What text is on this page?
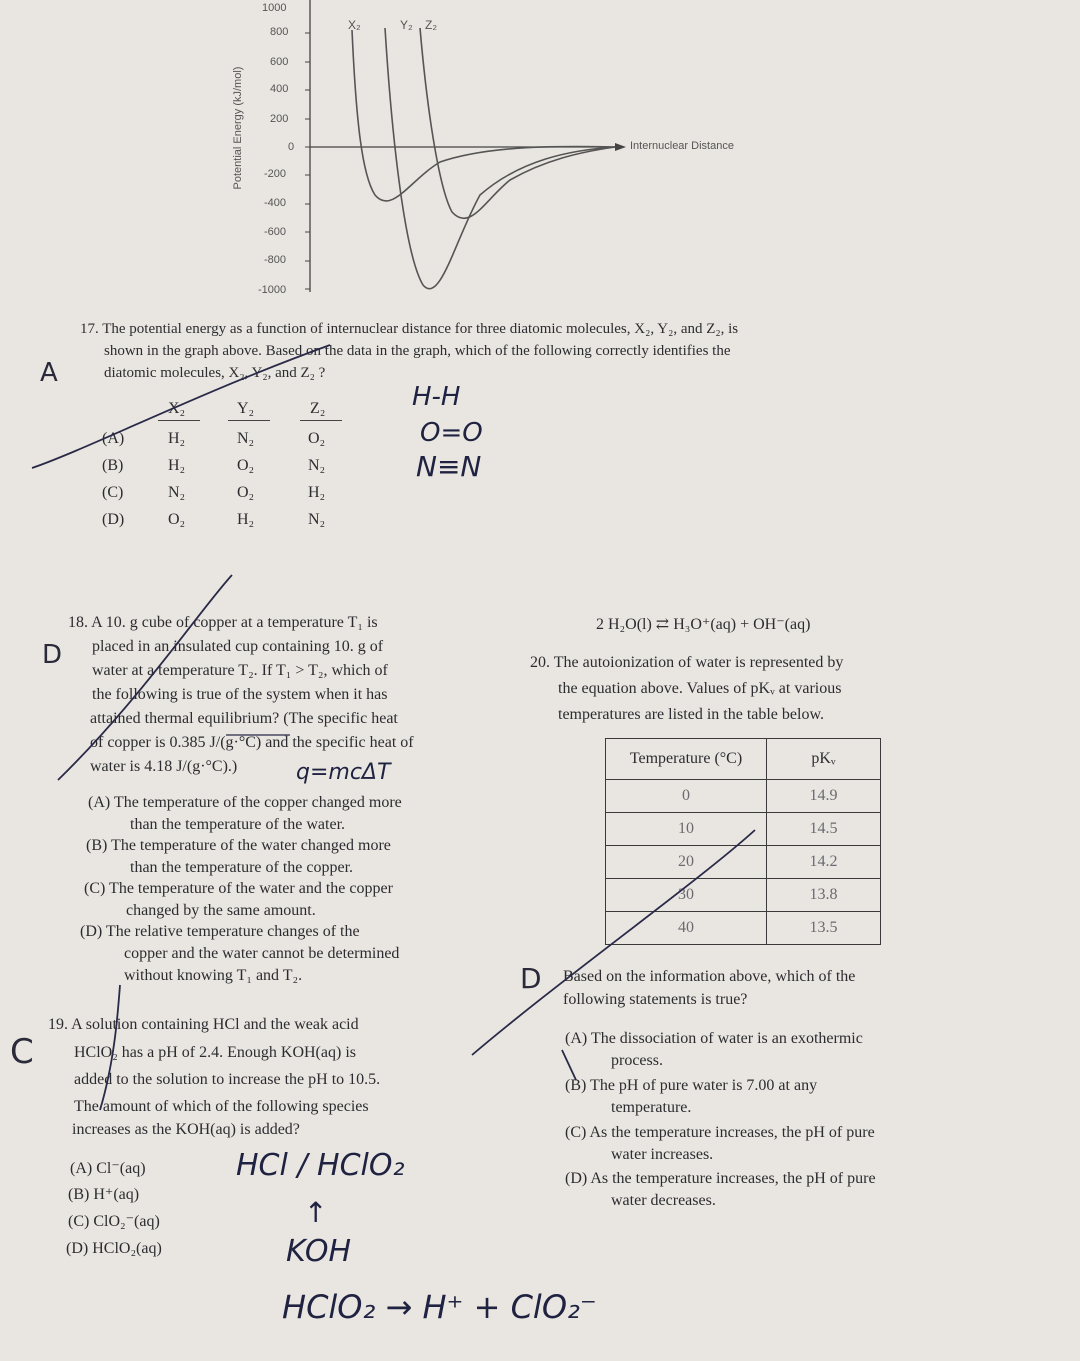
Potential Energy (kJ/mol)
1000
800
600
400
200
0
-200
-400
-600
-800
-1000
X₂	Y₂ Z₂
Internuclear Distance
17. The potential energy as a function of internuclear distance for three diatomic molecules, X₂, Y₂, and Z₂, is
shown in the graph above. Based on the data in the graph, which of the following correctly identifies the
diatomic molecules, X₂, Y₂, and Z₂ ?
X₂	Y₂	Z₂
(A)	H₂	N₂	O₂
(B)	H₂	O₂	N₂
(C)	N₂	O₂	H₂
(D)	O₂	H₂	N₂
18. A 10. g cube of copper at a temperature T₁ is
placed in an insulated cup containing 10. g of
water at a temperature T₂. If T₁ > T₂, which of
the following is true of the system when it has
attained thermal equilibrium? (The specific heat
of copper is 0.385 J/(g·°C) and the specific heat of
water is 4.18 J/(g·°C).)
(A) The temperature of the copper changed more
than the temperature of the water.
(B) The temperature of the water changed more
than the temperature of the copper.
(C) The temperature of the water and the copper
changed by the same amount.
(D) The relative temperature changes of the
copper and the water cannot be determined
without knowing T₁ and T₂.
19. A solution containing HCl and the weak acid
HClO₂ has a pH of 2.4. Enough KOH(aq) is
added to the solution to increase the pH to 10.5.
The amount of which of the following species
increases as the KOH(aq) is added?
(A) Cl⁻(aq)
(B) H⁺(aq)
(C) ClO₂⁻(aq)
(D) HClO₂(aq)
2 H₂O(l) ⇄ H₃O⁺(aq) + OH⁻(aq)
20. The autoionization of water is represented by
the equation above. Values of pKᵥ at various
temperatures are listed in the table below.
Temperature (°C)	pKᵥ
0	14.9
10	14.5
20	14.2
30	13.8
40	13.5
Based on the information above, which of the
following statements is true?
(A) The dissociation of water is an exothermic
process.
(B) The pH of pure water is 7.00 at any
temperature.
(C) As the temperature increases, the pH of pure
water increases.
(D) As the temperature increases, the pH of pure
water decreases.
A
D
C
D
H-H
O=O
N≡N
q=mcΔT
HCl / HClO₂
↑
KOH
HClO₂ → H⁺ + ClO₂⁻
